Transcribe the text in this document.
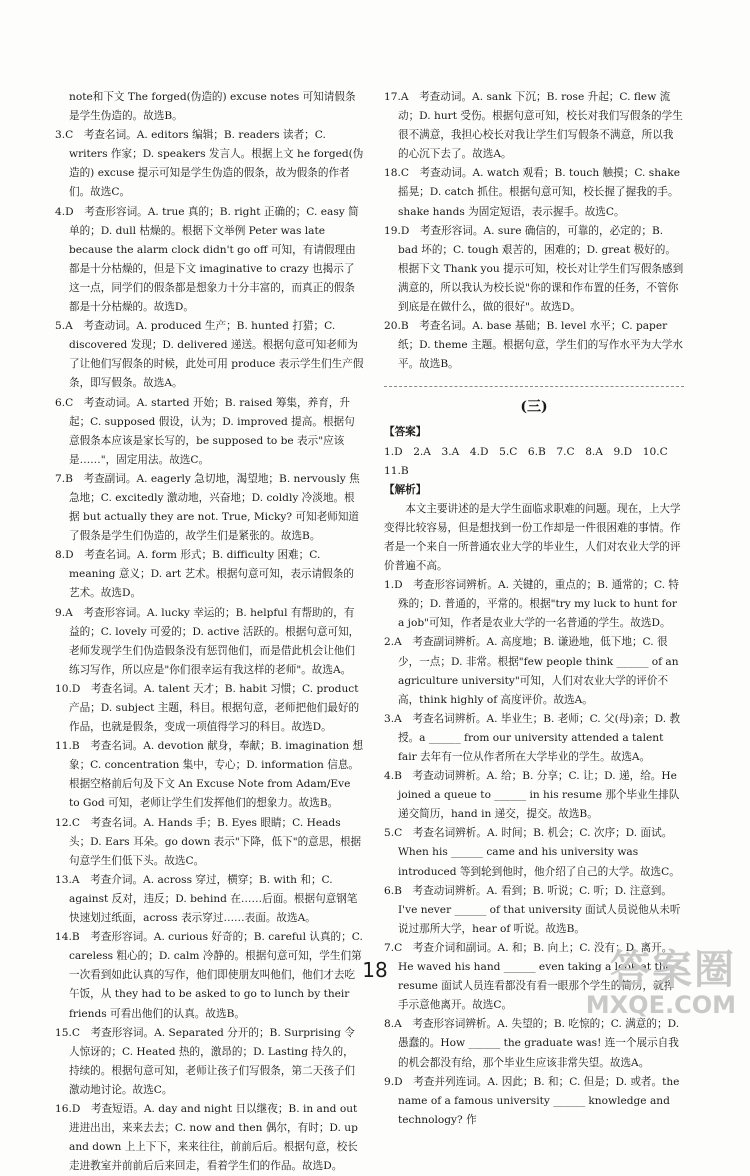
note和下文 The forged(伪造的) excuse notes 可知请假条是学生伪造的。故选B。

3.C　考查名词。A. editors 编辑；B. readers 读者；C. writers 作家；D. speakers 发言人。根据上文 he forged(伪造的) excuse 提示可知是学生伪造的假条，故为假条的作者们。故选C。

4.D　考查形容词。A. true 真的；B. right 正确的；C. easy 简单的；D. dull 枯燥的。根据下文举例 Peter was late because the alarm clock didn't go off 可知，有请假理由都是十分枯燥的，但是下文 imaginative to crazy 也揭示了这一点，同学们的假条都是想象力十分丰富的，而真正的假条都是十分枯燥的。故选D。

5.A　考查动词。A. produced 生产；B. hunted 打猎；C. discovered 发现；D. delivered 递送。根据句意可知老师为了让他们写假条的时候，此处可用 produce 表示学生们生产假条，即写假条。故选A。

6.C　考查动词。A. started 开始；B. raised 筹集，养育，升起；C. supposed 假设，认为；D. improved 提高。根据句意假条本应该是家长写的，be supposed to be 表示"应该是……"，固定用法。故选C。

7.B　考查副词。A. eagerly 急切地，渴望地；B. nervously 焦急地；C. excitedly 激动地，兴奋地；D. coldly 冷淡地。根据 but actually they are not. True, Micky? 可知老师知道了假条是学生们伪造的，故学生们是紧张的。故选B。

8.D　考查名词。A. form 形式；B. difficulty 困难；C. meaning 意义；D. art 艺术。根据句意可知，表示请假条的艺术。故选D。

9.A　考查形容词。A. lucky 幸运的；B. helpful 有帮助的，有益的；C. lovely 可爱的；D. active 活跃的。根据句意可知，老师发现学生们伪造假条没有惩罚他们，而是借此机会让他们练习写作，所以应是"你们很幸运有我这样的老师"。故选A。

10.D　考查名词。A. talent 天才；B. habit 习惯；C. product 产品；D. subject 主题，科目。根据句意，老师把他们最好的作品，也就是假条，变成一项值得学习的科目。故选D。

11.B　考查名词。A. devotion 献身，奉献；B. imagination 想象；C. concentration 集中，专心；D. information 信息。根据空格前后句及下文 An Excuse Note from Adam/Eve to God 可知，老师让学生们发挥他们的想象力。故选B。

12.C　考查名词。A. Hands 手；B. Eyes 眼睛；C. Heads 头；D. Ears 耳朵。go down 表示"下降，低下"的意思，根据句意学生们低下头。故选C。

13.A　考查介词。A. across 穿过，横穿；B. with 和；C. against 反对，违反；D. behind 在……后面。根据句意钢笔快速划过纸面，across 表示穿过……表面。故选A。

14.B　考查形容词。A. curious 好奇的；B. careful 认真的；C. careless 粗心的；D. calm 冷静的。根据句意可知，学生们第一次看到如此认真的写作，他们即使朋友叫他们，他们才去吃午饭，从 they had to be asked to go to lunch by their friends 可看出他们的认真。故选B。

15.C　考查形容词。A. Separated 分开的；B. Surprising 令人惊讶的；C. Heated 热的，激昂的；D. Lasting 持久的，持续的。根据句意可知，老师让孩子们写假条，第二天孩子们激动地讨论。故选C。

16.D　考查短语。A. day and night 日以继夜；B. in and out 进进出出，来来去去；C. now and then 偶尔，有时；D. up and down 上上下下，来来往往，前前后后。根据句意，校长走进教室并前前后后来回走，看着学生们的作品。故选D。

17.A　考查动词。A. sank 下沉；B. rose 升起；C. flew 流动；D. hurt 受伤。根据句意可知，校长对我们写假条的学生很不满意，我担心校长对我让学生们写假条不满意，所以我的心沉下去了。故选A。

18.C　考查动词。A. watch 观看；B. touch 触摸；C. shake 摇晃；D. catch 抓住。根据句意可知，校长握了握我的手。shake hands 为固定短语，表示握手。故选C。

19.D　考查形容词。A. sure 确信的，可靠的，必定的；B. bad 坏的；C. tough 艰苦的，困难的；D. great 极好的。根据下文 Thank you 提示可知，校长对让学生们写假条感到满意的，所以我认为校长说"你的课和作布置的任务，不管你到底是在做什么，做的很好"。故选D。

20.B　考查名词。A. base 基础；B. level 水平；C. paper 纸；D. theme 主题。根据句意，学生们的写作水平为大学水平。故选B。

(三)

【答案】

1.D　2.A　3.A　4.D　5.C　6.B　7.C　8.A　9.D　10.C

11.B

【解析】

本文主要讲述的是大学生面临求职难的问题。现在，上大学变得比较容易，但是想找到一份工作却是一件很困难的事情。作者是一个来自一所普通农业大学的毕业生，人们对农业大学的评价普遍不高。

1.D　考查形容词辨析。A. 关键的，重点的；B. 通常的；C. 特殊的；D. 普通的，平常的。根据"try my luck to hunt for a job"可知，作者是农业大学的一名普通的学生。故选D。

2.A　考查副词辨析。A. 高度地；B. 谦逊地，低下地；C. 很少，一点；D. 非常。根据"few people think ______ of an agriculture university"可知，人们对农业大学的评价不高，think highly of 高度评价。故选A。

3.A　考查名词辨析。A. 毕业生；B. 老师；C. 父(母)亲；D. 教授。a ______ from our university attended a talent fair 去年有一位从作者所在大学毕业的学生。故选A。

4.B　考查动词辨析。A. 给；B. 分享；C. 让；D. 递，给。He joined a queue to ______ in his resume 那个毕业生排队递交简历，hand in 递交，提交。故选B。

5.C　考查名词辨析。A. 时间；B. 机会；C. 次序；D. 面试。When his ______ came and his university was introduced 等到轮到他时，他介绍了自己的大学。故选C。

6.B　考查动词辨析。A. 看到；B. 听说；C. 听；D. 注意到。I've never ______ of that university 面试人员说他从未听说过那所大学，hear of 听说。故选B。

7.C　考查介词和副词。A. 和；B. 向上；C. 没有；D. 离开。He waved his hand ______ even taking a look at the resume 面试人员连看都没有看一眼那个学生的简历，就挥手示意他离开。故选C。

8.A　考查形容词辨析。A. 失望的；B. 吃惊的；C. 满意的；D. 愚蠢的。How ______ the graduate was! 连一个展示自我的机会都没有给，那个毕业生应该非常失望。故选A。

9.D　考查并列连词。A. 因此；B. 和；C. 但是；D. 或者。the name of a famous university ______ knowledge and technology? 作

18	答案圈
MXQE.COM
